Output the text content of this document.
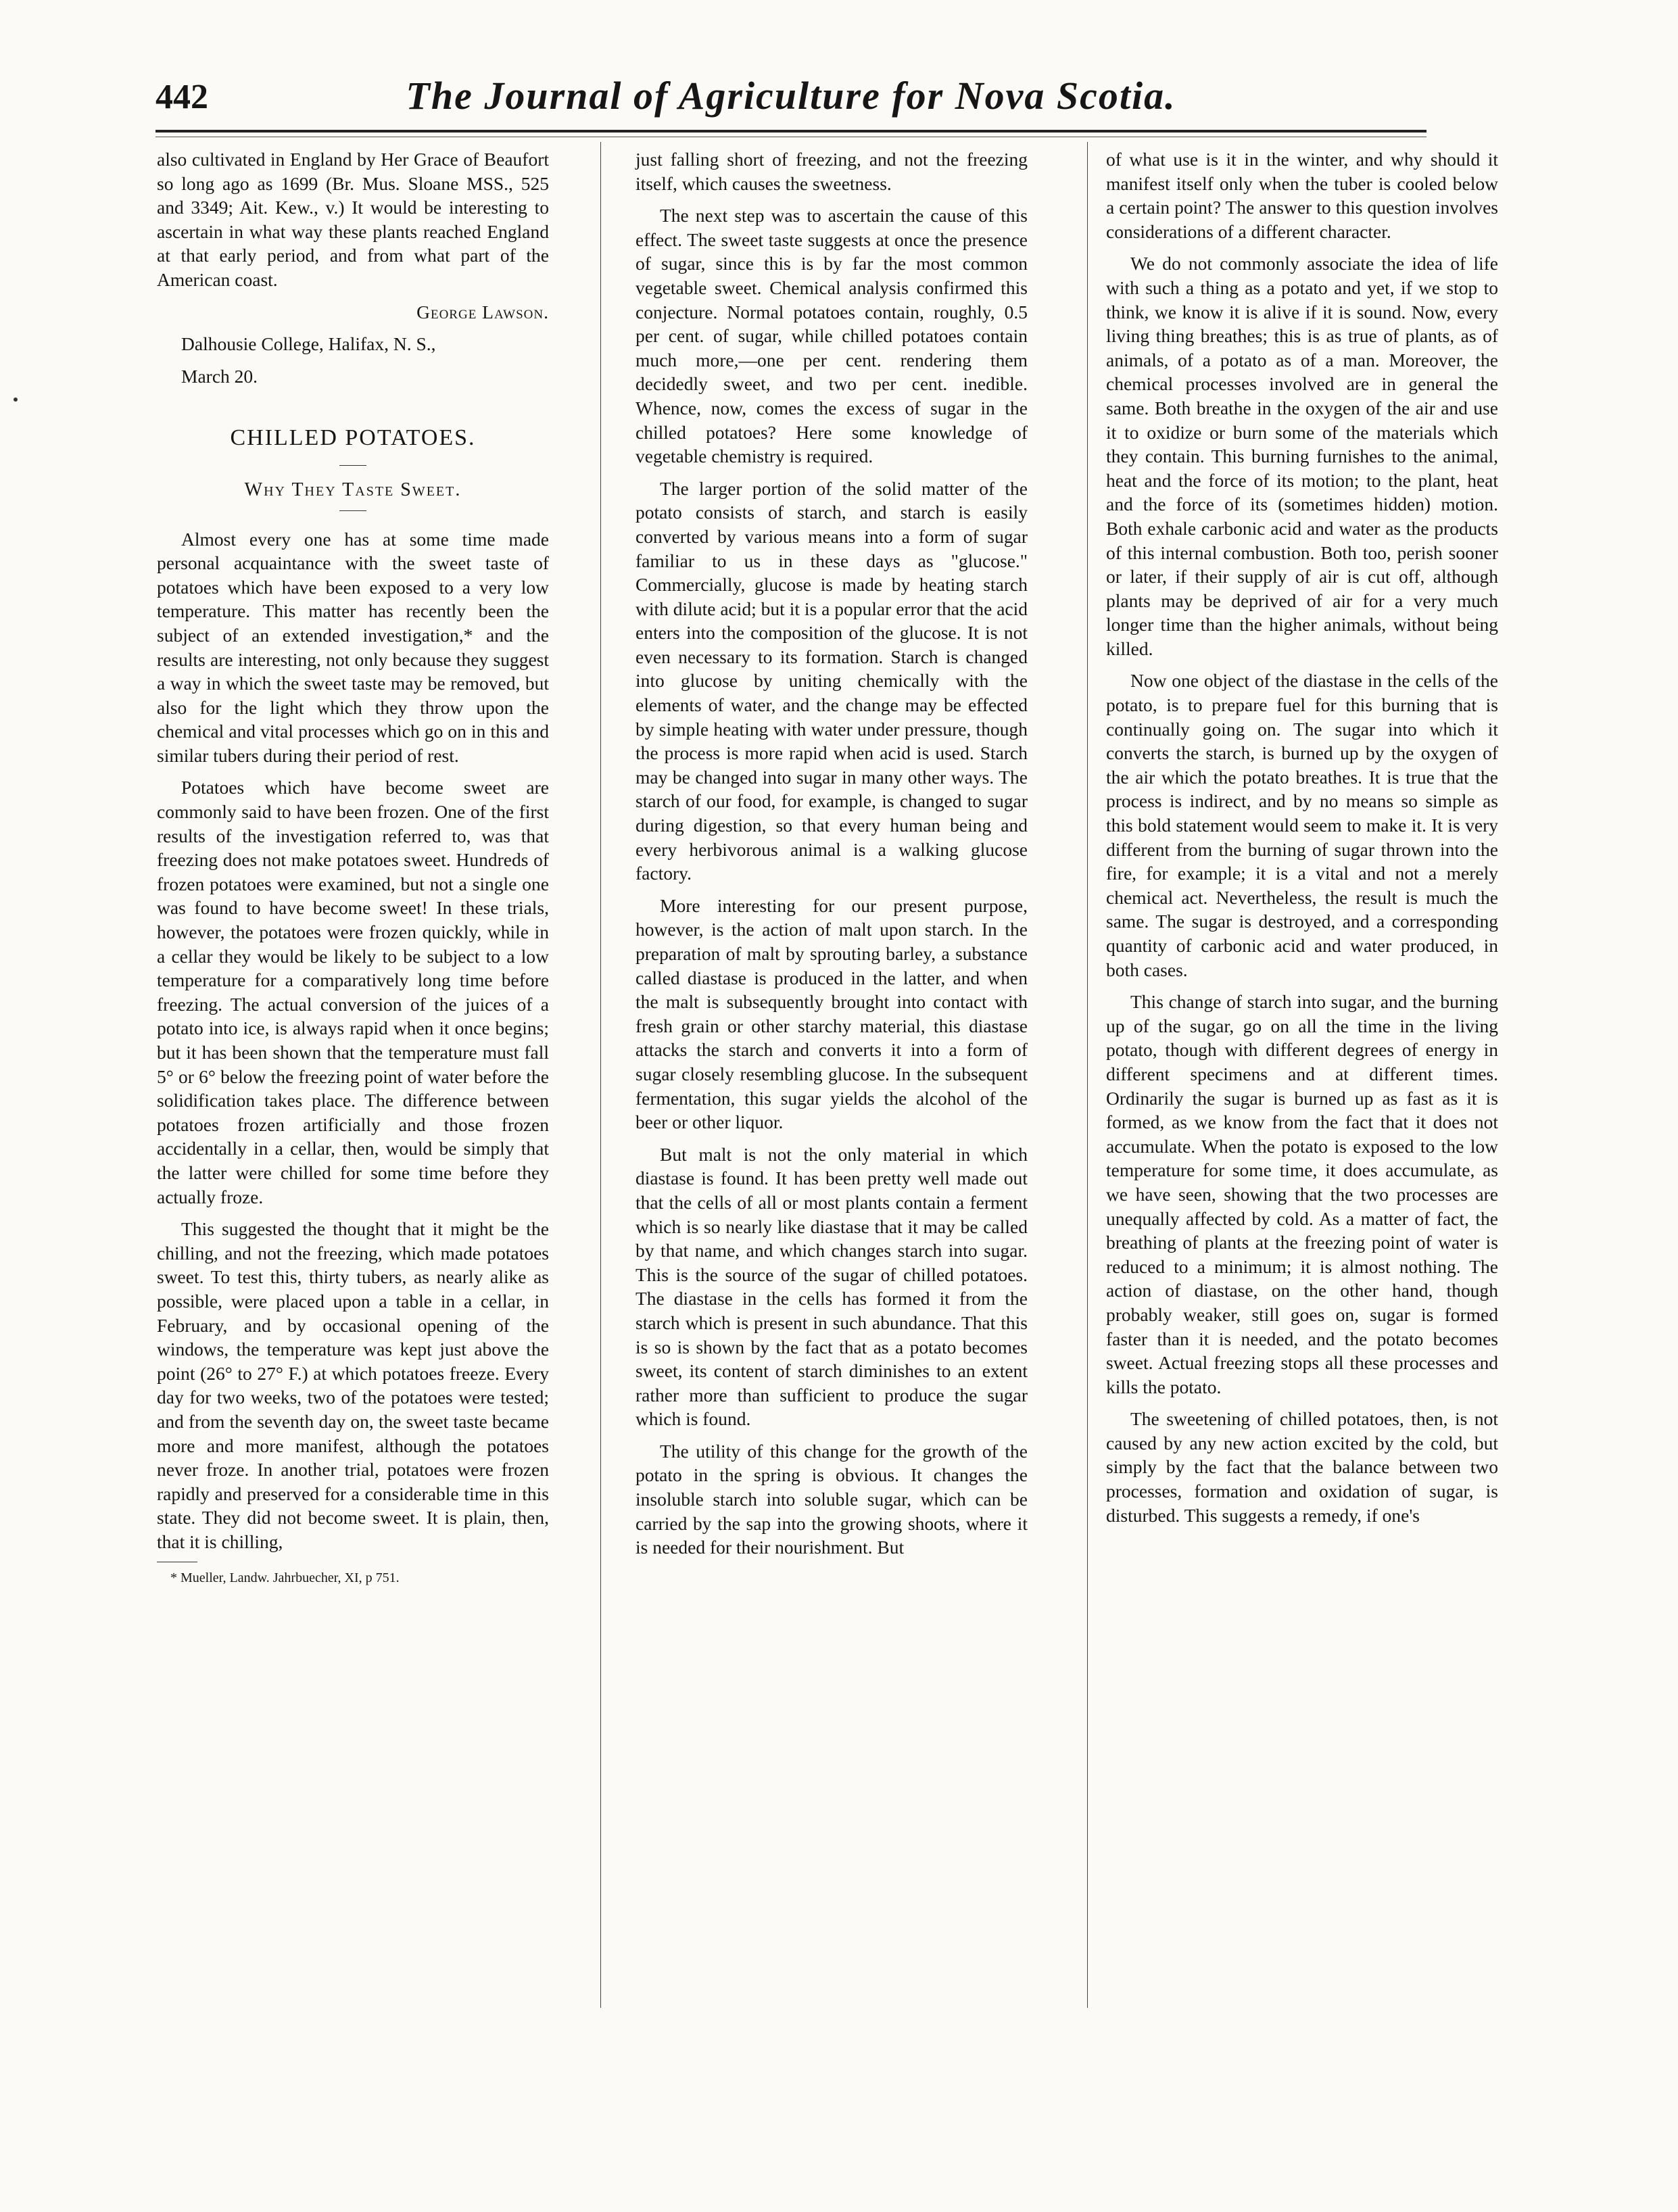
442	The Journal of Agriculture for Nova Scotia.

also cultivated in England by Her Grace of Beaufort so long ago as 1699 (Br. Mus. Sloane MSS., 525 and 3349; Ait. Kew., v.) It would be interesting to ascertain in what way these plants reached England at that early period, and from what part of the American coast.

George Lawson.

Dalhousie College, Halifax, N. S.,

March 20.

CHILLED POTATOES.
Why They Taste Sweet.

Almost every one has at some time made personal acquaintance with the sweet taste of potatoes which have been exposed to a very low temperature. This matter has recently been the subject of an extended investigation,* and the results are interesting, not only because they suggest a way in which the sweet taste may be removed, but also for the light which they throw upon the chemical and vital processes which go on in this and similar tubers during their period of rest.

Potatoes which have become sweet are commonly said to have been frozen. One of the first results of the investigation referred to, was that freezing does not make potatoes sweet. Hundreds of frozen potatoes were examined, but not a single one was found to have become sweet! In these trials, however, the potatoes were frozen quickly, while in a cellar they would be likely to be subject to a low temperature for a comparatively long time before freezing. The actual conversion of the juices of a potato into ice, is always rapid when it once begins; but it has been shown that the temperature must fall 5° or 6° below the freezing point of water before the solidification takes place. The difference between potatoes frozen artificially and those frozen accidentally in a cellar, then, would be simply that the latter were chilled for some time before they actually froze.

This suggested the thought that it might be the chilling, and not the freezing, which made potatoes sweet. To test this, thirty tubers, as nearly alike as possible, were placed upon a table in a cellar, in February, and by occasional opening of the windows, the temperature was kept just above the point (26° to 27° F.) at which potatoes freeze. Every day for two weeks, two of the potatoes were tested; and from the seventh day on, the sweet taste became more and more manifest, although the potatoes never froze. In another trial, potatoes were frozen rapidly and preserved for a considerable time in this state. They did not become sweet. It is plain, then, that it is chilling,

* Mueller, Landw. Jahrbuecher, XI, p 751.

just falling short of freezing, and not the freezing itself, which causes the sweetness.

The next step was to ascertain the cause of this effect. The sweet taste suggests at once the presence of sugar, since this is by far the most common vegetable sweet. Chemical analysis confirmed this conjecture. Normal potatoes contain, roughly, 0.5 per cent. of sugar, while chilled potatoes contain much more,—one per cent. rendering them decidedly sweet, and two per cent. inedible. Whence, now, comes the excess of sugar in the chilled potatoes? Here some knowledge of vegetable chemistry is required.

The larger portion of the solid matter of the potato consists of starch, and starch is easily converted by various means into a form of sugar familiar to us in these days as "glucose." Commercially, glucose is made by heating starch with dilute acid; but it is a popular error that the acid enters into the composition of the glucose. It is not even necessary to its formation. Starch is changed into glucose by uniting chemically with the elements of water, and the change may be effected by simple heating with water under pressure, though the process is more rapid when acid is used. Starch may be changed into sugar in many other ways. The starch of our food, for example, is changed to sugar during digestion, so that every human being and every herbivorous animal is a walking glucose factory.

More interesting for our present purpose, however, is the action of malt upon starch. In the preparation of malt by sprouting barley, a substance called diastase is produced in the latter, and when the malt is subsequently brought into contact with fresh grain or other starchy material, this diastase attacks the starch and converts it into a form of sugar closely resembling glucose. In the subsequent fermentation, this sugar yields the alcohol of the beer or other liquor.

But malt is not the only material in which diastase is found. It has been pretty well made out that the cells of all or most plants contain a ferment which is so nearly like diastase that it may be called by that name, and which changes starch into sugar. This is the source of the sugar of chilled potatoes. The diastase in the cells has formed it from the starch which is present in such abundance. That this is so is shown by the fact that as a potato becomes sweet, its content of starch diminishes to an extent rather more than sufficient to produce the sugar which is found.

The utility of this change for the growth of the potato in the spring is obvious. It changes the insoluble starch into soluble sugar, which can be carried by the sap into the growing shoots, where it is needed for their nourishment. But

of what use is it in the winter, and why should it manifest itself only when the tuber is cooled below a certain point? The answer to this question involves considerations of a different character.

We do not commonly associate the idea of life with such a thing as a potato and yet, if we stop to think, we know it is alive if it is sound. Now, every living thing breathes; this is as true of plants, as of animals, of a potato as of a man. Moreover, the chemical processes involved are in general the same. Both breathe in the oxygen of the air and use it to oxidize or burn some of the materials which they contain. This burning furnishes to the animal, heat and the force of its motion; to the plant, heat and the force of its (sometimes hidden) motion. Both exhale carbonic acid and water as the products of this internal combustion. Both too, perish sooner or later, if their supply of air is cut off, although plants may be deprived of air for a very much longer time than the higher animals, without being killed.

Now one object of the diastase in the cells of the potato, is to prepare fuel for this burning that is continually going on. The sugar into which it converts the starch, is burned up by the oxygen of the air which the potato breathes. It is true that the process is indirect, and by no means so simple as this bold statement would seem to make it. It is very different from the burning of sugar thrown into the fire, for example; it is a vital and not a merely chemical act. Nevertheless, the result is much the same. The sugar is destroyed, and a corresponding quantity of carbonic acid and water produced, in both cases.

This change of starch into sugar, and the burning up of the sugar, go on all the time in the living potato, though with different degrees of energy in different specimens and at different times. Ordinarily the sugar is burned up as fast as it is formed, as we know from the fact that it does not accumulate. When the potato is exposed to the low temperature for some time, it does accumulate, as we have seen, showing that the two processes are unequally affected by cold. As a matter of fact, the breathing of plants at the freezing point of water is reduced to a minimum; it is almost nothing. The action of diastase, on the other hand, though probably weaker, still goes on, sugar is formed faster than it is needed, and the potato becomes sweet. Actual freezing stops all these processes and kills the potato.

The sweetening of chilled potatoes, then, is not caused by any new action excited by the cold, but simply by the fact that the balance between two processes, formation and oxidation of sugar, is disturbed. This suggests a remedy, if one's
